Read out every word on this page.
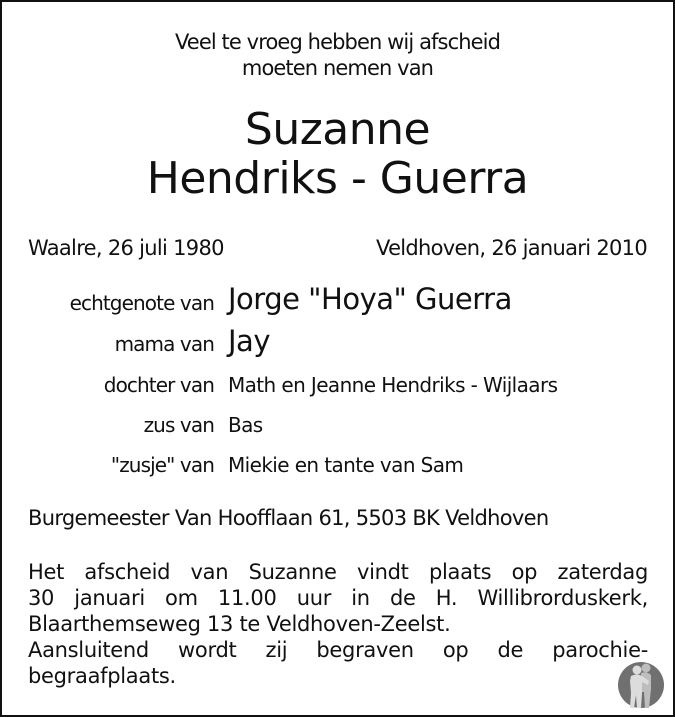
Veel te vroeg hebben wij afscheid
moeten nemen van
Suzanne
Hendriks - Guerra
Waalre, 26 juli 1980	Veldhoven, 26 januari 2010
echtgenote van Jorge "Hoya" Guerra
mama van Jay
dochter van Math en Jeanne Hendriks - Wijlaars
zus van Bas
"zusje" van Miekie en tante van Sam
Burgemeester Van Hoofflaan 61, 5503 BK Veldhoven
Het afscheid van Suzanne vindt plaats op zaterdag
30 januari om 11.00 uur in de H. Willibrorduskerk,
Blaarthemseweg 13 te Veldhoven-Zeelst.
Aansluitend wordt zij begraven op de parochie-
begraafplaats.
